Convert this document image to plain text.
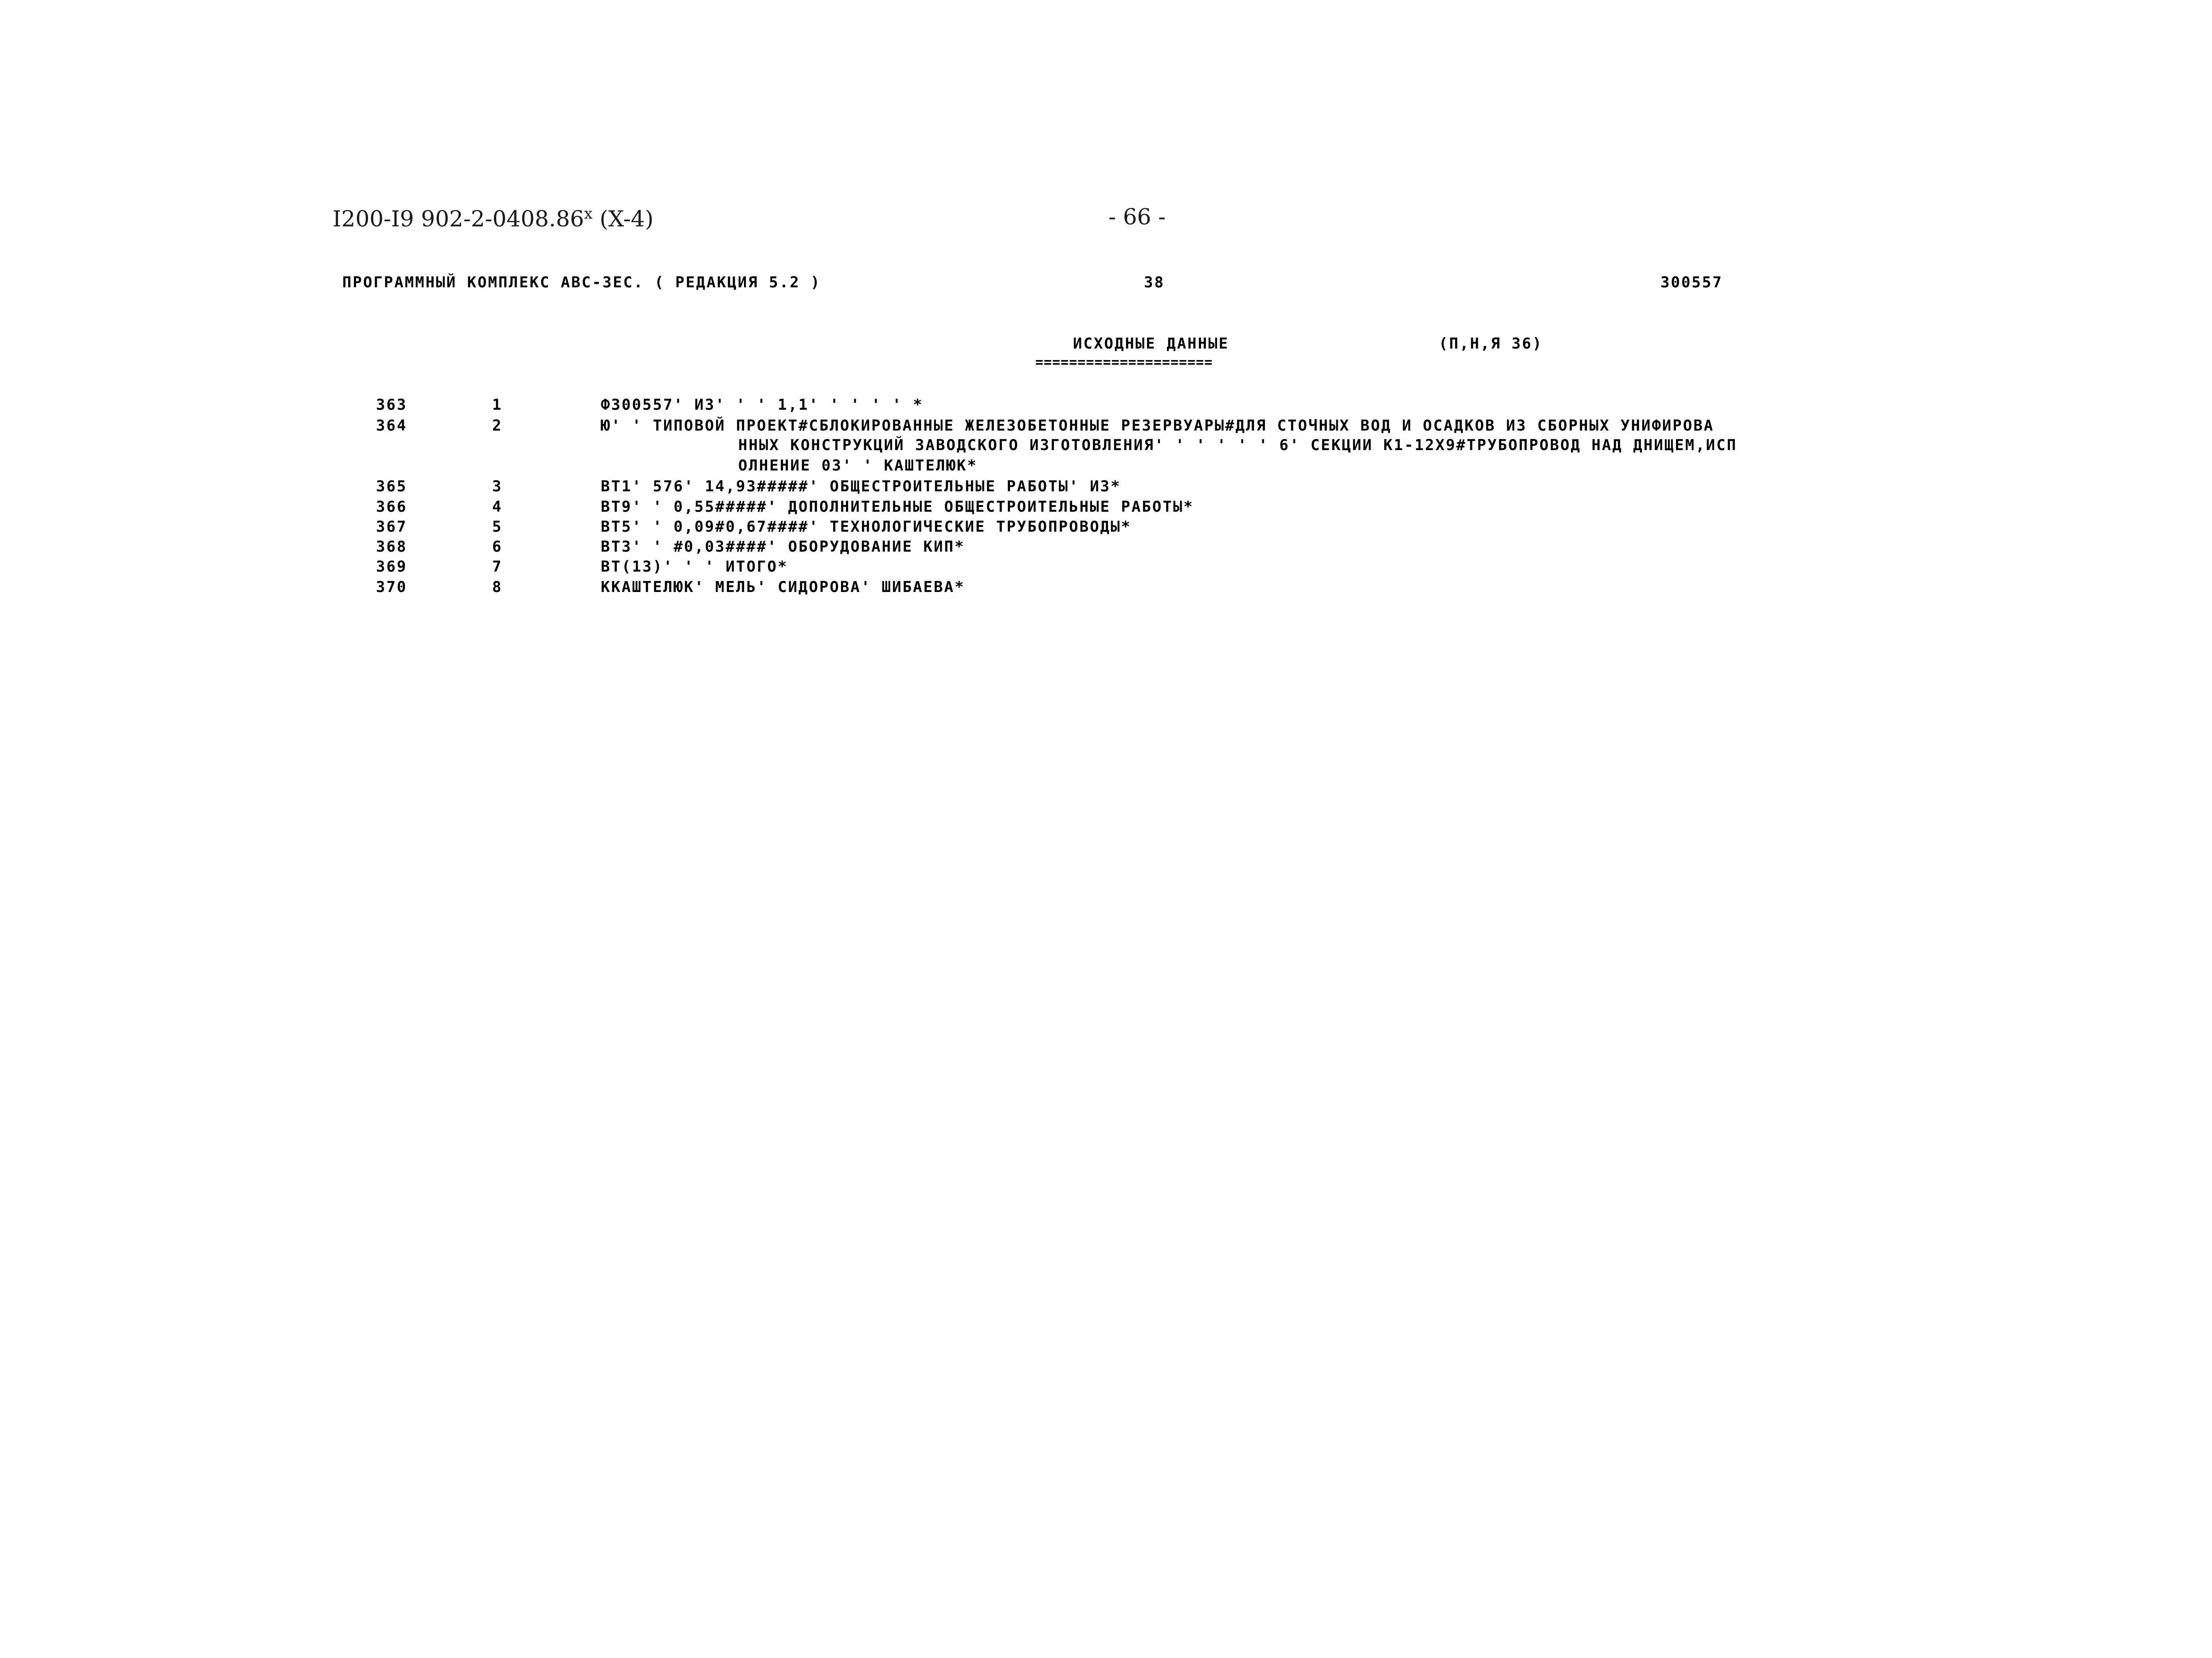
I200-I9 902-2-0408.86$^x$ (X-4)	- 66 -
ПРОГРАММНЫЙ КОМПЛЕКС АВС-ЗЕС. ( РЕДАКЦИЯ 5.2 )	38	300557
ИСХОДНЫЕ ДАННЫЕ
=====================
(П,Н,Я 36)
363	1	Ф300557' ИЗ' ' ' 1,1' ' ' ' ' *
364	2	Ю' ' ТИПОВОЙ ПРОЕКТ#СБЛОКИРОВАННЫЕ ЖЕЛЕЗОБЕТОННЫЕ РЕЗЕРВУАРЫ#ДЛЯ СТОЧНЫХ ВОД И ОСАДКОВ ИЗ СБОРНЫХ УНИФИРОВА
ННЫХ КОНСТРУКЦИЙ ЗАВОДСКОГО ИЗГОТОВЛЕНИЯ' ' ' ' ' ' 6' СЕКЦИИ К1-12Х9#ТРУБОПРОВОД НАД ДНИЩЕМ,ИСП
ОЛНЕНИЕ 03' ' КАШТЕЛЮК*
365	3	ВТ1' 576' 14,93#####' ОБЩЕСТРОИТЕЛЬНЫЕ РАБОТЫ' ИЗ*
366	4	ВТ9' ' 0,55#####' ДОПОЛНИТЕЛЬНЫЕ ОБЩЕСТРОИТЕЛЬНЫЕ РАБОТЫ*
367	5	ВТ5' ' 0,09#0,67####' ТЕХНОЛОГИЧЕСКИЕ ТРУБОПРОВОДЫ*
368	6	ВТ3' ' #0,03####' ОБОРУДОВАНИЕ КИП*
369	7	ВТ(13)' ' ' ИТОГО*
370	8	ККАШТЕЛЮК' МЕЛЬ' СИДОРОВА' ШИБАЕВА*
